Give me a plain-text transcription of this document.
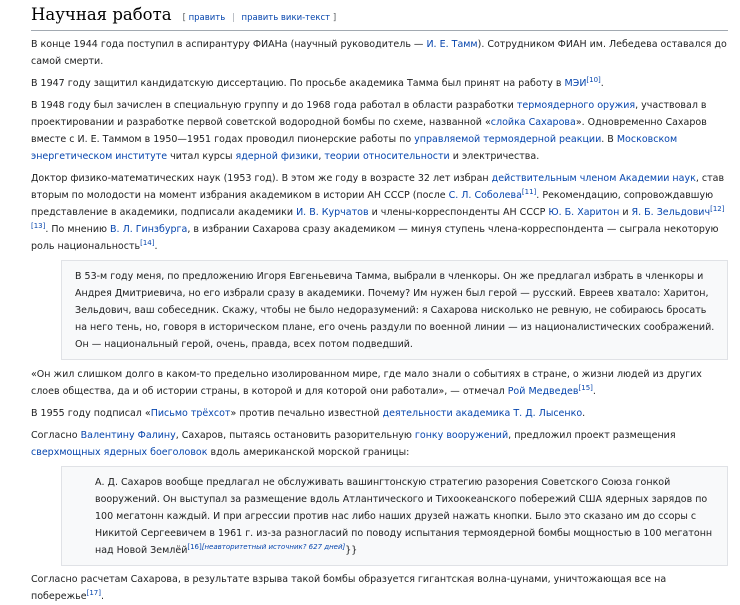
Научная работа [ править | править вики-текст ]

В конце 1944 года поступил в аспирантуру ФИАНа (научный руководитель — И. Е. Тамм). Сотрудником ФИАН им. Лебедева оставался до самой смерти.

В 1947 году защитил кандидатскую диссертацию. По просьбе академика Тамма был принят на работу в МЭИ[10].

В 1948 году был зачислен в специальную группу и до 1968 года работал в области разработки термоядерного оружия, участвовал в проектировании и разработке первой советской водородной бомбы по схеме, названной «слойка Сахарова». Одновременно Сахаров вместе с И. Е. Таммом в 1950—1951 годах проводил пионерские работы по управляемой термоядерной реакции. В Московском энергетическом институте читал курсы ядерной физики, теории относительности и электричества.

Доктор физико-математических наук (1953 год). В этом же году в возрасте 32 лет избран действительным членом Академии наук, став вторым по молодости на момент избрания академиком в истории АН СССР (после С. Л. Соболева[11]. Рекомендацию, сопровождавшую представление в академики, подписали академики И. В. Курчатов и члены-корреспонденты АН СССР Ю. Б. Харитон и Я. Б. Зельдович[12][13]. По мнению В. Л. Гинзбурга, в избрании Сахарова сразу академиком — минуя ступень члена-корреспондента — сыграла некоторую роль национальность[14].

В 53-м году меня, по предложению Игоря Евгеньевича Тамма, выбрали в членкоры. Он же предлагал избрать в членкоры и Андрея Дмитриевича, но его избрали сразу в академики. Почему? Им нужен был герой — русский. Евреев хватало: Харитон, Зельдович, ваш собеседник. Скажу, чтобы не было недоразумений: я Сахарова нисколько не ревную, не собираюсь бросать на него тень, но, говоря в историческом плане, его очень раздули по военной линии — из националистических соображений. Он — национальный герой, очень, правда, всех потом подведший.

«Он жил слишком долго в каком-то предельно изолированном мире, где мало знали о событиях в стране, о жизни людей из других слоев общества, да и об истории страны, в которой и для которой они работали», — отмечал Рой Медведев[15].

В 1955 году подписал «Письмо трёхсот» против печально известной деятельности академика Т. Д. Лысенко.

Согласно Валентину Фалину, Сахаров, пытаясь остановить разорительную гонку вооружений, предложил проект размещения сверхмощных ядерных боеголовок вдоль американской морской границы:

А. Д. Сахаров вообще предлагал не обслуживать вашингтонскую стратегию разорения Советского Союза гонкой вооружений. Он выступал за размещение вдоль Атлантического и Тихоокеанского побережий США ядерных зарядов по 100 мегатонн каждый. И при агрессии против нас либо наших друзей нажать кнопки. Было это сказано им до ссоры с Никитой Сергеевичем в 1961 г. из-за разногласий по поводу испытания термоядерной бомбы мощностью в 100 мегатонн над Новой Землёй[16][неавторитетный источник? 627 дней]}}

Согласно расчетам Сахарова, в результате взрыва такой бомбы образуется гигантская волна-цунами, уничтожающая все на побережье[17].
